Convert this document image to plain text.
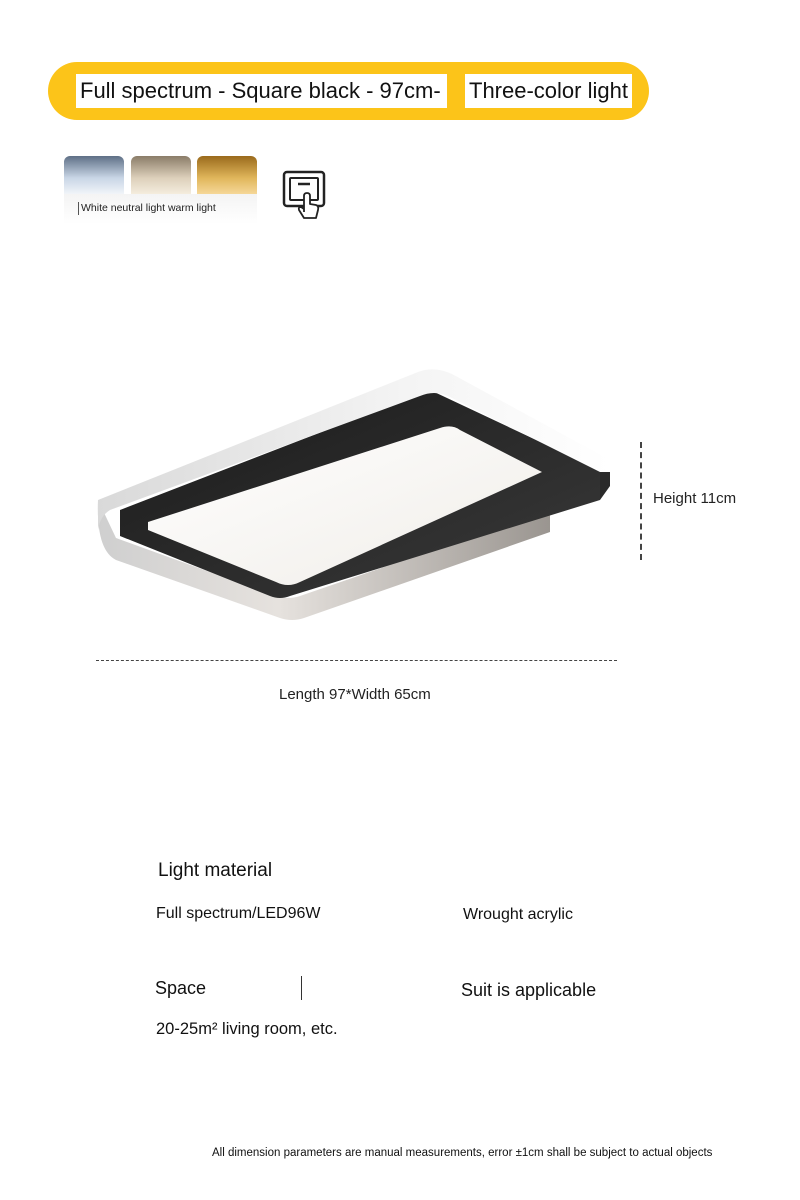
Full spectrum - Square black - 97cm- Three-color light
White neutral light warm light
Height 11cm
Length 97*Width 65cm
Light material
Full spectrum/LED96W	Wrought acrylic
Space	Suit is applicable
20-25m² living room, etc.
All dimension parameters are manual measurements, error ±1cm shall be subject to actual objects
